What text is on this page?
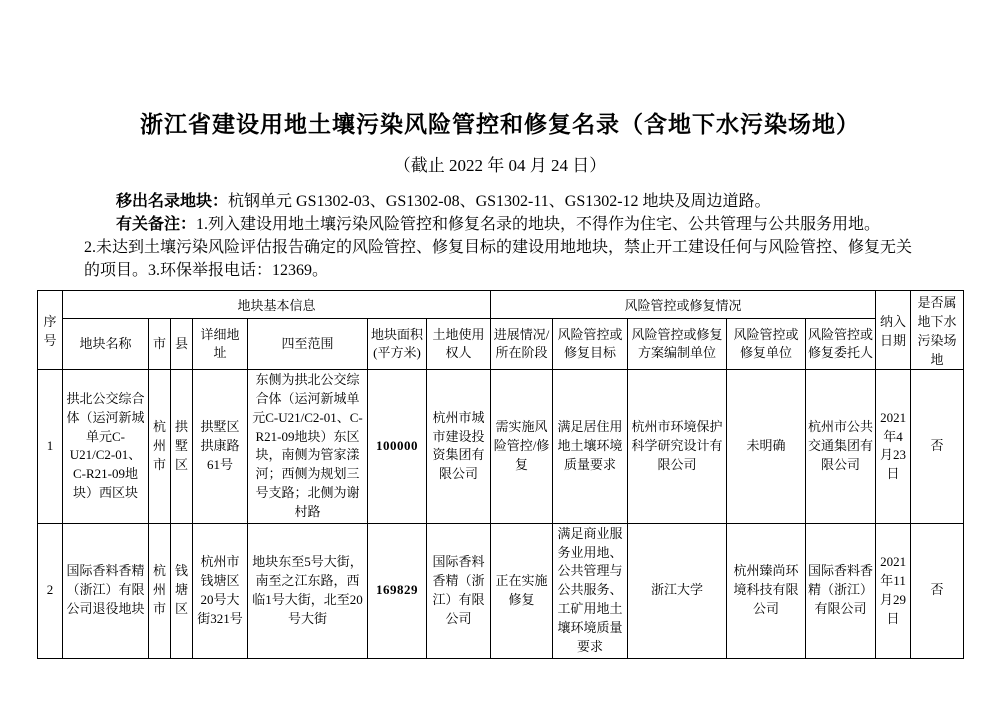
浙江省建设用地土壤污染风险管控和修复名录（含地下水污染场地）
（截止 2022 年 04 月 24 日）

移出名录地块：杭钢单元 GS1302-03、GS1302-08、GS1302-11、GS1302-12 地块及周边道路。

有关备注：1.列入建设用地土壤污染风险管控和修复名录的地块，不得作为住宅、公共管理与公共服务用地。

2.未达到土壤污染风险评估报告确定的风险管控、修复目标的建设用地地块，禁止开工建设任何与风险管控、修复无关的项目。3.环保举报电话：12369。

序号	地块基本信息							风险管控或修复情况					纳入日期	是否属地下水污染场地
	地块名称	市	县	详细地址	四至范围	地块面积(平方米)	土地使用权人	进展情况/所在阶段	风险管控或修复目标	风险管控或修复方案编制单位	风险管控或修复单位	风险管控或修复委托人		
1	拱北公交综合体（运河新城单元C-U21/C2-01、C-R21-09地块）西区块	杭州市	拱墅区	拱墅区拱康路61号	东侧为拱北公交综合体（运河新城单元C-U21/C2-01、C-R21-09地块）东区块，南侧为管家漾河；西侧为规划三号支路；北侧为谢村路	100000	杭州市城市建设投资集团有限公司	需实施风险管控/修复	满足居住用地土壤环境质量要求	杭州市环境保护科学研究设计有限公司	未明确	杭州市公共交通集团有限公司	2021年4月23日	否
2	国际香料香精（浙江）有限公司退役地块	杭州市	钱塘区	杭州市钱塘区20号大街321号	地块东至5号大街，南至之江东路，西临1号大街，北至20号大街	169829	国际香料香精（浙江）有限公司	正在实施修复	满足商业服务业用地、公共管理与公共服务、工矿用地土壤环境质量要求	浙江大学	杭州臻尚环境科技有限公司	国际香料香精（浙江）有限公司	2021年11月29日	否
